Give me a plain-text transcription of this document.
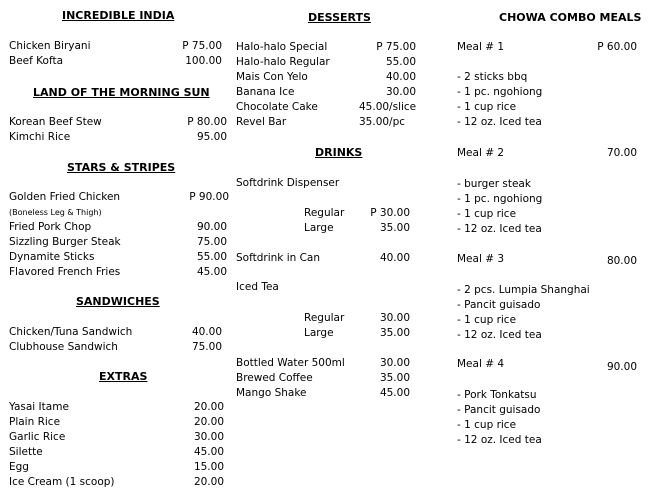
INCREDIBLE INDIA
Chicken Biryani	P 75.00
Beef Kofta	100.00
LAND OF THE MORNING SUN
Korean Beef Stew	P 80.00
Kimchi Rice	95.00
STARS & STRIPES
Golden Fried Chicken	P 90.00
(Boneless Leg & Thigh)
Fried Pork Chop	90.00
Sizzling Burger Steak	75.00
Dynamite Sticks	55.00
Flavored French Fries	45.00
SANDWICHES
Chicken/Tuna Sandwich	40.00
Clubhouse Sandwich	75.00
EXTRAS
Yasai Itame	20.00
Plain Rice	20.00
Garlic Rice	30.00
Silette	45.00
Egg	15.00
Ice Cream (1 scoop)	20.00
DESSERTS
Halo-halo Special	P 75.00
Halo-halo Regular	55.00
Mais Con Yelo	40.00
Banana Ice	30.00
Chocolate Cake	45.00/slice
Revel Bar	35.00/pc
DRINKS
Softdrink Dispenser
Regular P 30.00
Large	35.00
Softdrink in Can	40.00
Iced Tea
Regular	30.00
Large	35.00
Bottled Water 500ml	30.00
Brewed Coffee	35.00
Mango Shake	45.00
CHOWA COMBO MEALS
Meal # 1	P 60.00
- 2 sticks bbq
- 1 pc. ngohiong
- 1 cup rice
- 12 oz. Iced tea
Meal # 2	70.00
- burger steak
- 1 pc. ngohiong
- 1 cup rice
- 12 oz. Iced tea
Meal # 3	80.00
- 2 pcs. Lumpia Shanghai
- Pancit guisado
- 1 cup rice
- 12 oz. Iced tea
Meal # 4	90.00
- Pork Tonkatsu
- Pancit guisado
- 1 cup rice
- 12 oz. Iced tea
